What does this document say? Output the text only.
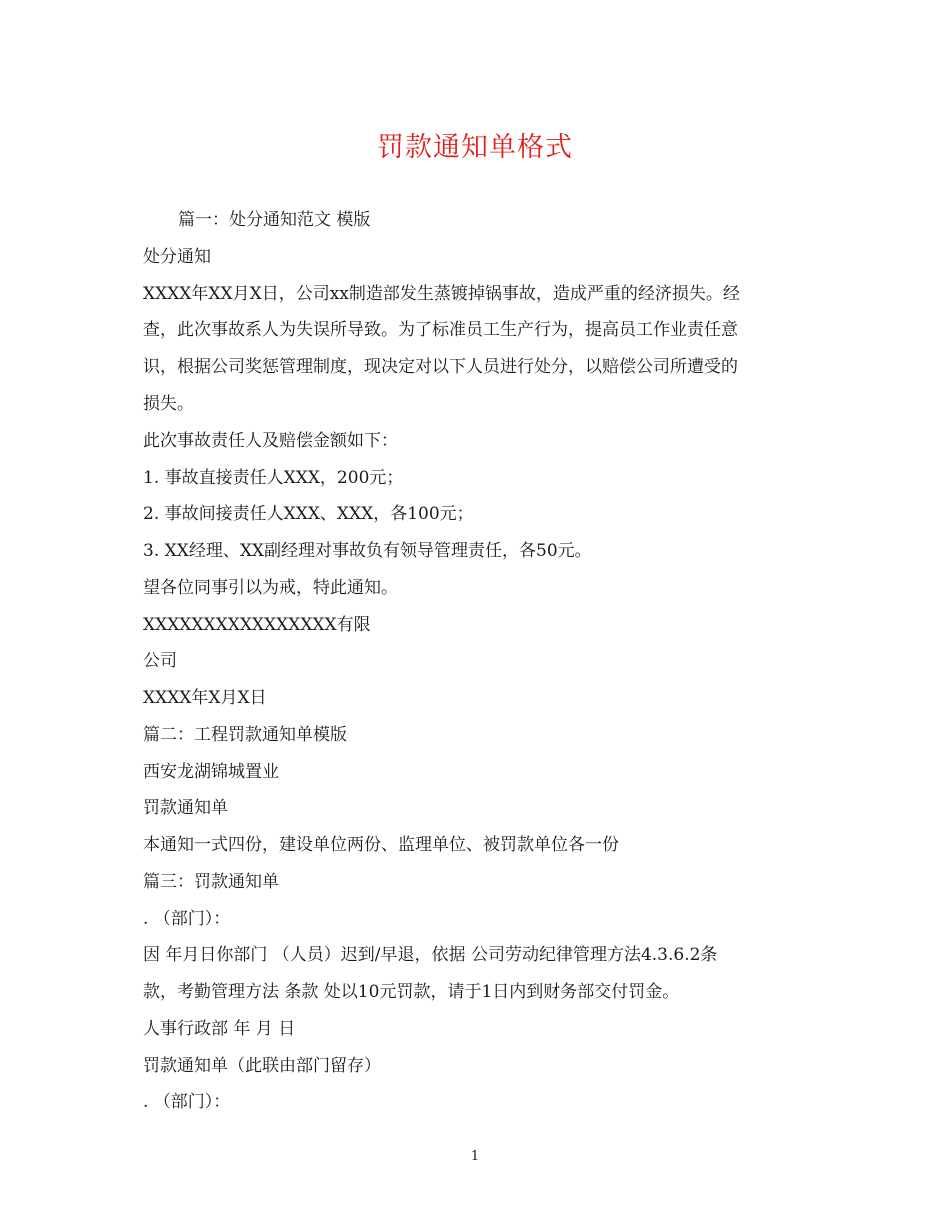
罚款通知单格式
篇一：处分通知范文 模版
处分通知
XXXX年XX月X日，公司xx制造部发生蒸镀掉锅事故，造成严重的经济损失。经
查，此次事故系人为失误所导致。为了标准员工生产行为，提高员工作业责任意
识，根据公司奖惩管理制度，现决定对以下人员进行处分，以赔偿公司所遭受的
损失。
此次事故责任人及赔偿金额如下：
1. 事故直接责任人XXX，200元；
2. 事故间接责任人XXX、XXX，各100元；
3. XX经理、XX副经理对事故负有领导管理责任，各50元。
望各位同事引以为戒，特此通知。
XXXXXXXXXXXXXXXX有限
公司
XXXX年X月X日
篇二：工程罚款通知单模版
西安龙湖锦城置业
罚款通知单
本通知一式四份，建设单位两份、监理单位、被罚款单位各一份
篇三：罚款通知单
. （部门）：
因 年月日你部门 （人员）迟到/早退，依据 公司劳动纪律管理方法4.3.6.2条
款，考勤管理方法 条款 处以10元罚款，请于1日内到财务部交付罚金。
人事行政部 年 月 日
罚款通知单（此联由部门留存）
. （部门）：
1
